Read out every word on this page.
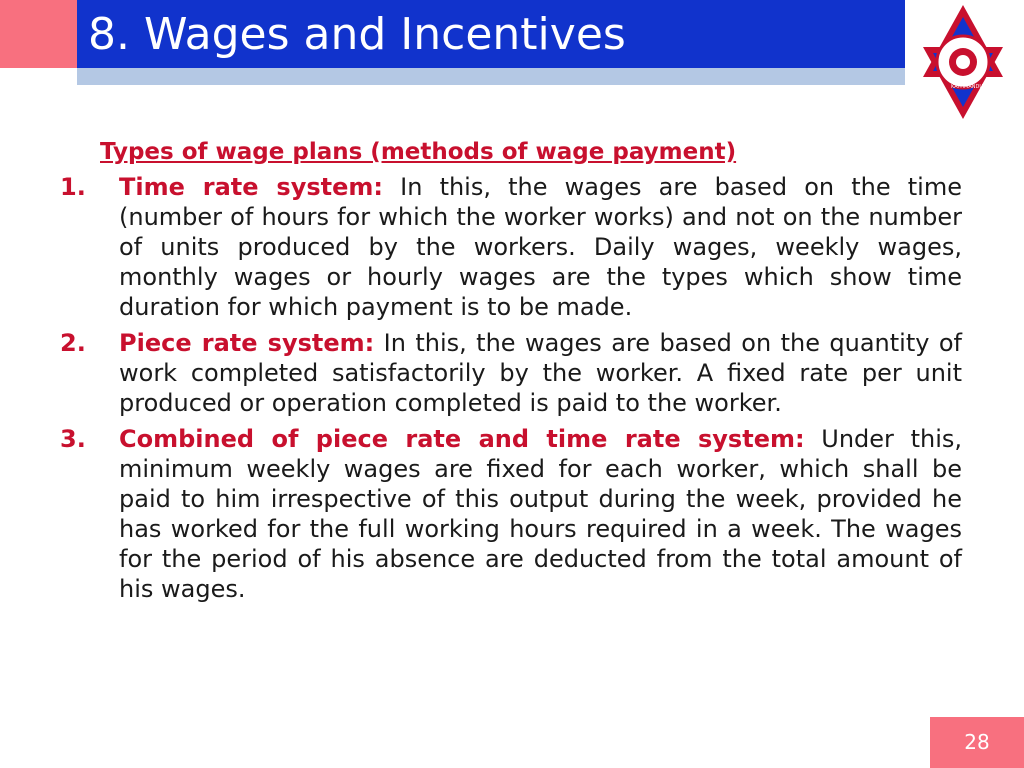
8. Wages and Incentives
KATHMANDU NEPAL
Types of wage plans (methods of wage payment)
1. Time rate system: In this, the wages are based on the time (number of hours for which the worker works) and not on the number of units produced by the workers. Daily wages, weekly wages, monthly wages or hourly wages are the types which show time duration for which payment is to be made.
2. Piece rate system: In this, the wages are based on the quantity of work completed satisfactorily by the worker. A fixed rate per unit produced or operation completed is paid to the worker.
3. Combined of piece rate and time rate system: Under this, minimum weekly wages are fixed for each worker, which shall be paid to him irrespective of this output during the week, provided he has worked for the full working hours required in a week. The wages for the period of his absence are deducted from the total amount of his wages.
28
